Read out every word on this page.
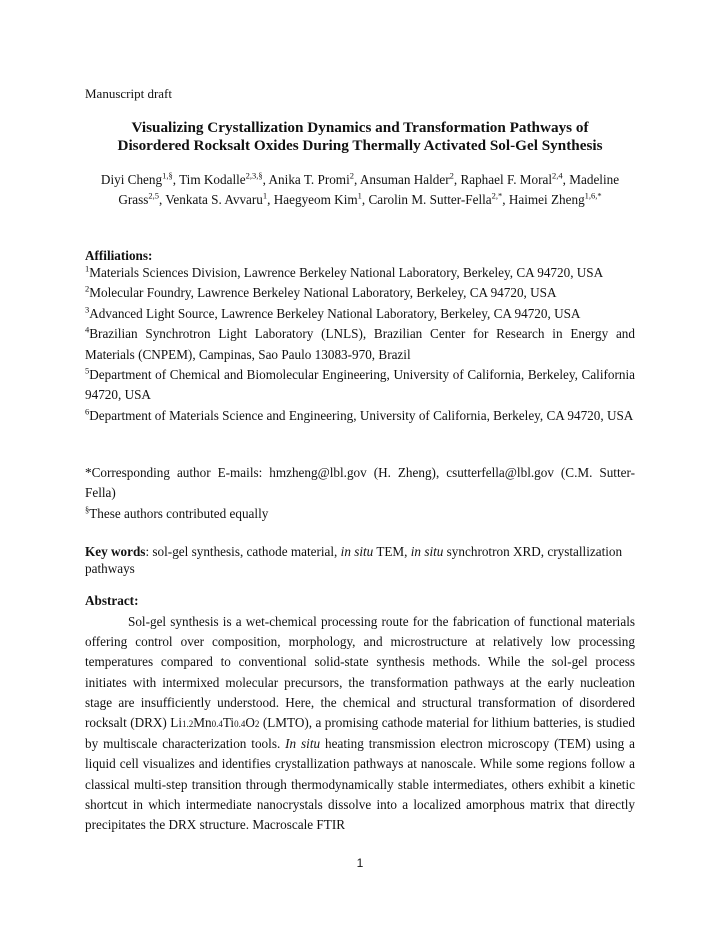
Manuscript draft
Visualizing Crystallization Dynamics and Transformation Pathways of
Disordered Rocksalt Oxides During Thermally Activated Sol-Gel Synthesis
Diyi Cheng$^{1,\S}$, Tim Kodalle$^{2,3,\S}$, Anika T. Promi$^2$, Ansuman Halder$^2$, Raphael F. Moral$^{2,4}$, Madeline Grass$^{2,5}$, Venkata S. Avvaru$^1$, Haegyeom Kim$^1$, Carolin M. Sutter-Fella$^{2,*}$, Haimei Zheng$^{1,6,*}$
Affiliations:
$^1$Materials Sciences Division, Lawrence Berkeley National Laboratory, Berkeley, CA 94720, USA
$^2$Molecular Foundry, Lawrence Berkeley National Laboratory, Berkeley, CA 94720, USA
$^3$Advanced Light Source, Lawrence Berkeley National Laboratory, Berkeley, CA 94720, USA
$^4$Brazilian Synchrotron Light Laboratory (LNLS), Brazilian Center for Research in Energy and Materials (CNPEM), Campinas, Sao Paulo 13083-970, Brazil
$^5$Department of Chemical and Biomolecular Engineering, University of California, Berkeley, California 94720, USA
$^6$Department of Materials Science and Engineering, University of California, Berkeley, CA 94720, USA
*Corresponding author E-mails: hmzheng@lbl.gov (H. Zheng), csutterfella@lbl.gov (C.M. Sutter-Fella)
§These authors contributed equally
Key words: sol-gel synthesis, cathode material, in situ TEM, in situ synchrotron XRD, crystallization pathways
Abstract:

Sol-gel synthesis is a wet-chemical processing route for the fabrication of functional materials offering control over composition, morphology, and microstructure at relatively low processing temperatures compared to conventional solid-state synthesis methods. While the sol-gel process initiates with intermixed molecular precursors, the transformation pathways at the early nucleation stage are insufficiently understood. Here, the chemical and structural transformation of disordered rocksalt (DRX) Li1.2Mn0.4Ti0.4O2 (LMTO), a promising cathode material for lithium batteries, is studied by multiscale characterization tools. In situ heating transmission electron microscopy (TEM) using a liquid cell visualizes and identifies crystallization pathways at nanoscale. While some regions follow a classical multi-step transition through thermodynamically stable intermediates, others exhibit a kinetic shortcut in which intermediate nanocrystals dissolve into a localized amorphous matrix that directly precipitates the DRX structure. Macroscale FTIR

1
